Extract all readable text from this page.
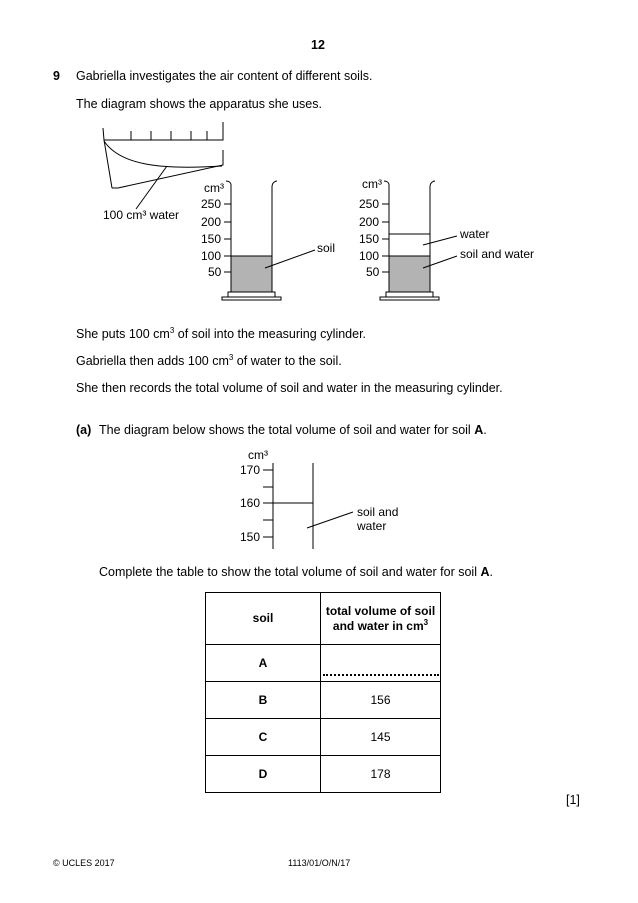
12
9 Gabriella investigates the air content of different soils.
The diagram shows the apparatus she uses.
100 cm³ water
cm³
250
200
150
100
50
soil
cm³
250
200
150
100
50
water
soil and water
cm³
170
160
150
soil and
water
She puts 100 $cm^3$ of soil into the measuring cylinder.
Gabriella then adds 100 $cm^3$ of water to the soil.
She then records the total volume of soil and water in the measuring cylinder.
(a) The diagram below shows the total volume of soil and water for soil A.
Complete the table to show the total volume of soil and water for soil A.
soil	total volume of soil
and water in $cm^3$
A	
B	156
C	145
D	178
[1]
© UCLES 2017	1113/01/O/N/17
